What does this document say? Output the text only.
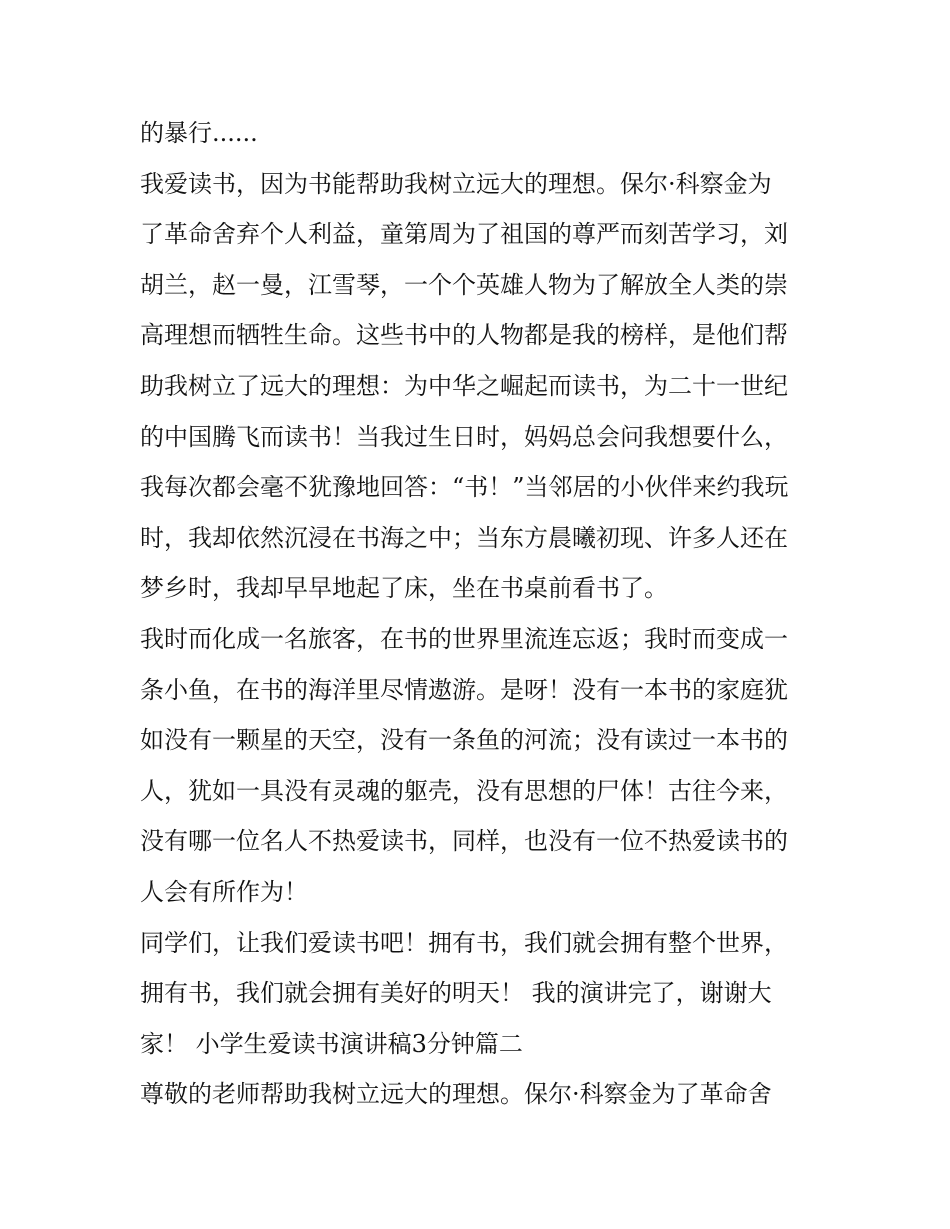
的暴行......
我爱读书，因为书能帮助我树立远大的理想。保尔·科察金为
了革命舍弃个人利益，童第周为了祖国的尊严而刻苦学习，刘
胡兰，赵一曼，江雪琴，一个个英雄人物为了解放全人类的崇
高理想而牺牲生命。这些书中的人物都是我的榜样，是他们帮
助我树立了远大的理想：为中华之崛起而读书，为二十一世纪
的中国腾飞而读书！当我过生日时，妈妈总会问我想要什么，
我每次都会毫不犹豫地回答：“书！”当邻居的小伙伴来约我玩
时，我却依然沉浸在书海之中；当东方晨曦初现、许多人还在
梦乡时，我却早早地起了床，坐在书桌前看书了。
我时而化成一名旅客，在书的世界里流连忘返；我时而变成一
条小鱼，在书的海洋里尽情遨游。是呀！没有一本书的家庭犹
如没有一颗星的天空，没有一条鱼的河流；没有读过一本书的
人，犹如一具没有灵魂的躯壳，没有思想的尸体！古往今来，
没有哪一位名人不热爱读书，同样，也没有一位不热爱读书的
人会有所作为！
同学们，让我们爱读书吧！拥有书，我们就会拥有整个世界，
拥有书，我们就会拥有美好的明天！ 我的演讲完了，谢谢大
家！ 小学生爱读书演讲稿3分钟篇二
尊敬的老师帮助我树立远大的理想。保尔·科察金为了革命舍
